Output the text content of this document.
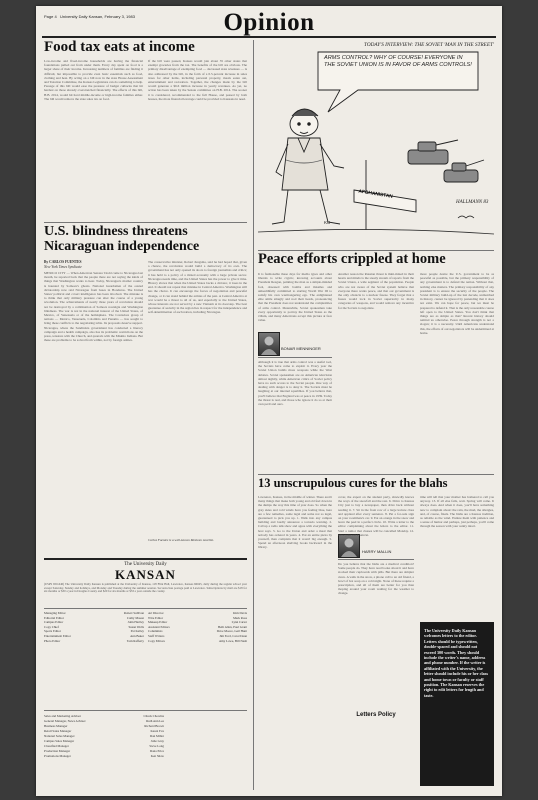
Page 4 University Daily Kansan, February 3, 1983	Opinion
Food tax eats at income
Low-income and fixed-income households are having the financial foundations pulled out from under them. Every day spent on food is a larger share of their income. Increasing numbers of families are finding it difficult, but impossible to provide even basic essentials such as food, clothing and heat. By acting on a bill now in the state House Assessment and Taxation Committee, the Kansas Legislature can do something to help. Passage of this bill would ease the pressure of budget cutbacks that hit hardest on those already overstretched financially. The effects of this bill, H.B. 2014, would hit hard middle-income or high-income families either. The bill would remove the state sales tax on food.
If the bill were passed, Kansas would join about 35 other states that exempt groceries from the tax. The benefits of the bill are obvious. The primary disadvantage of exempting food — decreased state revenues — is also addressed by the bill, in the form of a 0.5-percent increase in sales taxes for other items, including personal property, meals eaten out, entertainment and recreation. Together, the changes made by the bill would generate a $6.6 million increase in yearly revenues. As yet, no action has been taken by the Senate committee on H.B. 2014. The sooner it is considered, recommended to the full House, and passed by both houses, the more financial leverage could be provided to Kansans in need.
U.S. blindness threatens Nicaraguan independence
By CARLOS FUENTES
New York Times Syndicate
MEXICO CITY — When American Senator Dodd came to Nicaragua last month, he reported back that the people there are not saying the kinds of things that Washington wants to hear. Today, Nicaragua's mother country is haunted by Somoza's ghosts. National Guardsmen of the ousted dictatorship now raid Nicaragua from bases in Honduras. The United States' political and covert intelligence has been involved. The mistake is to think that only military pressure can alter the course of a young revolution. The achievements of nearly three years of revolution should not be destroyed by a combination of Somoza nostalgia and Washington blindness. The war is not in the national interest of the United States, of Mexico, of Venezuela or of the hemisphere. The Contadora group of nations — Mexico, Venezuela, Colombia and Panama — has sought to bring these conflicts to the negotiating table. Its proposals deserve support. Nicaragua, where the Sandinista government has conducted a literacy campaign and a health campaign, also has its problems: restrictions on the press, tensions with the Church, and quarrels with the Miskito Indians. But these are problems to be solved from within, not by foreign armies.
The conservative minister, Robert Jungsma, said he had hoped that, given a chance, the revolution would build a democracy of its own. The government has not only opened its doors to foreign journalists and critics; it has held to a policy of a mixed economy with a large private sector. Nicaragua needs time, and the United States has the power to give it time. History shows that when the United States backs a dictator, it loses in the end. It should not repeat that mistake in Central America. Washington still has the choice. It can encourage the forces of negotiation and peaceful change, or it can stand behind the armies of the past. A Central America at war would be a threat to all of us, and especially to the United States, whose interests are not served by a new Vietnam at its doorstep. The best guarantee of security in the region lies in respect for the independence and self-determination of each nation, including Nicaragua.
Carlos Fuentes is a well-known Mexican novelist.
TODAY'S INTERVIEW: THE SOVIET 'MAN IN THE STREET'
ARMS CONTROL? WHY OF COURSE! EVERYONE IN THE SOVIET UNION IS IN FAVOR OF ARMS CONTROLS!
AFGHANISTAN
KU
HALLMANN 83
Peace efforts crippled at home
It is fashionable these days for media types and other liberals to write cryptic, knowing accounts about President Reagan, painting the man as a simple-minded fool, obsessed with bombs and missiles and unhealthfully committed to starting World War III to satisfy his own warmongering ego. The enlightened elite smile smugly and nod their heads, pronouncing that the President does not understand the complexities of arms control. Meanwhile, Soviet spokesmen take every opportunity to portray the United States as the villain, and many Americans accept this picture at face value.
BONAR MENNINGER
Although it is true that arms control was a useful tool, the Soviets have come to exploit it. Every year the Soviet Union builds more weapons while the West debates. Soviet spokesmen are on American television almost nightly, while American critics of Soviet policy have no such access to the Soviet people. One way of dealing with danger is to deny it. The Soviets must be laughing at our internal squabbles. If you believe that, you'll believe that England was at peace in 1939. Today the threat is real, and those who ignore it do so at their own peril and ours.
Another reason the Russian threat is mini-mized in their hearts and minds is the steady stream of reports from the Soviet Union, a wide segment of the population. People who are not aware of the Soviet system believe that everyone there wants peace, and that our government is the only obstacle to a nuclear freeze. They forget that a freeze would lock in Soviet superiority in many categories of weapons, and would remove any incentive for the Soviets to negotiate.
more people desire the U.S. government to be as peaceful as possible, but the primary responsibility of any government is to defend the nation. Without that, nothing else matters. The primary responsibility of any president is to ensure the security of the people. The Soviet military build-up of the last decade, unmatched in history, cannot be ignored by pretending that it does not exist. We can hope for peace, but we must be prepared to defend it. That is the only reasonable course left open to the United States. You don't think that things are as simple as that? Recent history should remind us otherwise. Peace through strength is not a slogan; it is a necessity. Until Americans understand this, the efforts of our negotiators will be undermined at home.
13 unscrupulous cures for the blahs
Lawrence, Kansas, in the middle of winter. There aren't many things that make both young and old feel down in the dumps the way this time of year does. So when the gray skies and cold winds have you feeling blue, here are a few remedies, some legal and some not so legal, guaranteed to pick you up. 1. Walk into any campus building and loudly announce a tornado warning. 2. Call up a radio talk show and agree with everything the host says. 3. Go to the Union and order a meal that nobody has ordered in years. 4. Eat an entire pizza by yourself, then complain that it wasn't big enough. 5. Spend an afternoon shelving books backward in the library.
HARRY MALLIN
cover, the expert on the student party, shrewdly knows the ways of the snowfall and the rest. 6. Drive to Kansas City just to buy a newspaper, then drive back without reading it. 7. Sit in the front row of a large lecture class and applaud after every sentence. 8. Put a for-sale sign on your roommate's car. 9. Eat an orange in the snow and leave the peel in a perfect circle. 10. Write a letter to the editor complaining about the letters to the editor. 11. Start a rumor that classes will be cancelled Monday. 12. Give your cat a haircut.
Do you believe that the blahs are a medical condition? Some people do. They have read books about it and have stocked their cupboards with pills. But there are simpler cures. A walk in the snow, a phone call to an old friend, a bowl of hot soup on a cold night. None of these require a prescription, and all of them are better for you than moping around your room waiting for the weather to change.
time will tell that your mother has bothered to call you anyway. 13. If all else fails, wait. Spring will come. It always does. And when it does, you'll have something new to complain about: the rain, the mud, the allergies, and, of course, finals. The blahs are a Kansas tradition, as reliable as the wind. Endure them with patience and a sense of humor and perhaps, just perhaps, you'll come through the season with your sanity intact.
Letters Policy
The University Daily Kansan welcomes letters to the editor. Letters should be typewritten, double-spaced and should not exceed 300 words. They should include the writer's name, address and phone number. If the writer is affiliated with the University, the letter should include his or her class and home town or faculty or staff position. The Kansan reserves the right to edit letters for length and taste.
The University Daily
KANSAN
(USPS 650-640) The University Daily Kansan is published at the University of Kansas, 118 Flint Hall, Lawrence, Kansas 66045, daily during the regular school year except Saturday, Sunday and holidays, and Monday and Tuesday during the summer session. Second-class postage paid at Lawrence. Subscriptions by mail are $18 for six months or $30 a year in Douglas County and $20 for six months or $33 a year outside the county.
Managing Editor	Robert Sullivan
Editorial Editor	Cathy Mason
Campus Editor	John Hartley
Copy Chief	Susan Wells
Sports Editor	Pat Kelley
Entertainment Editor	Ann Baker
Photo Editor	Tom Rafferty
Art Director	Kim Davis
Wire Editor	Mark Ross
Makeup Editor	Lynn Carter
Assistant Editors	Beth Allen, Paul Grant
Columnists	Dave Moore, Gail Hunt
Staff Writers	Jim Ford, Carol Dean
Copy Editors	Amy Lowe, Bill Nash
Sales and Marketing Adviser	Chuck Chowins
General Manager, News Adviser	Ruth Ann Lee
Business Manager	Richard Brown
Retail Sales Manager	Karen Fox
National Sales Manager	Dan Miller
Campus Sales Manager	Julie Gray
Classified Manager	Steve Long
Production Manager	Dana Price
Promotions Manager	Ken Shaw
